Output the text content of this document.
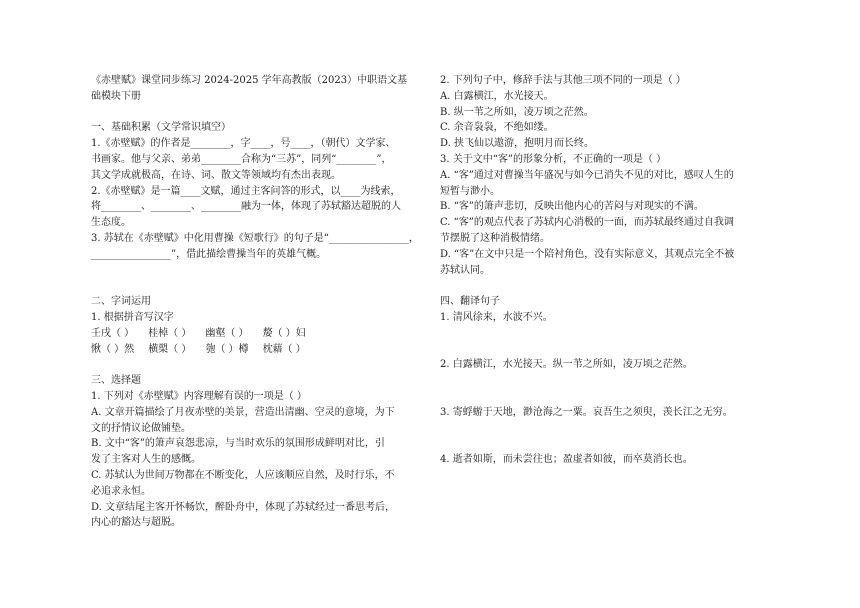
《赤壁赋》课堂同步练习 2024-2025 学年高教版（2023）中职语文基
础模块下册
一、基础积累（文学常识填空）
1.《赤壁赋》的作者是________，字____，号____，（朝代）文学家、
书画家。他与父亲、弟弟________合称为“三苏”，同列“________”，
其文学成就极高，在诗、词、散文等领域均有杰出表现。
2.《赤壁赋》是一篇____文赋，通过主客问答的形式，以____为线索，
将________、________、________融为一体，体现了苏轼豁达超脱的人
生态度。
3. 苏轼在《赤壁赋》中化用曹操《短歌行》的句子是“________________，
________________”，借此描绘曹操当年的英雄气概。
二、字词运用
1. 根据拼音写汉字
壬戌（ ） 桂棹（ ） 幽壑（ ） 嫠（ ）妇
愀（ ）然 横槊（ ） 匏（ ）樽 枕藉（ ）
三、选择题
1. 下列对《赤壁赋》内容理解有误的一项是（ ）
A. 文章开篇描绘了月夜赤壁的美景，营造出清幽、空灵的意境，为下
文的抒情议论做铺垫。
B. 文中“客”的箫声哀怨悲凉，与当时欢乐的氛围形成鲜明对比，引
发了主客对人生的感慨。
C. 苏轼认为世间万物都在不断变化，人应该顺应自然，及时行乐，不
必追求永恒。
D. 文章结尾主客开怀畅饮，醉卧舟中，体现了苏轼经过一番思考后，
内心的豁达与超脱。
2. 下列句子中，修辞手法与其他三项不同的一项是（ ）
A. 白露横江，水光接天。
B. 纵一苇之所如，凌万顷之茫然。
C. 余音袅袅，不绝如缕。
D. 挟飞仙以遨游，抱明月而长终。
3. 关于文中“客”的形象分析，不正确的一项是（ ）
A. “客”通过对曹操当年盛况与如今已消失不见的对比，感叹人生的
短暂与渺小。
B. “客”的箫声悲切，反映出他内心的苦闷与对现实的不满。
C. “客”的观点代表了苏轼内心消极的一面，而苏轼最终通过自我调
节摆脱了这种消极情绪。
D. “客”在文中只是一个陪衬角色，没有实际意义，其观点完全不被
苏轼认同。
四、翻译句子
1. 清风徐来，水波不兴。
2. 白露横江，水光接天。纵一苇之所如，凌万顷之茫然。
3. 寄蜉蝣于天地，渺沧海之一粟。哀吾生之须臾，羡长江之无穷。
4. 逝者如斯，而未尝往也；盈虚者如彼，而卒莫消长也。
